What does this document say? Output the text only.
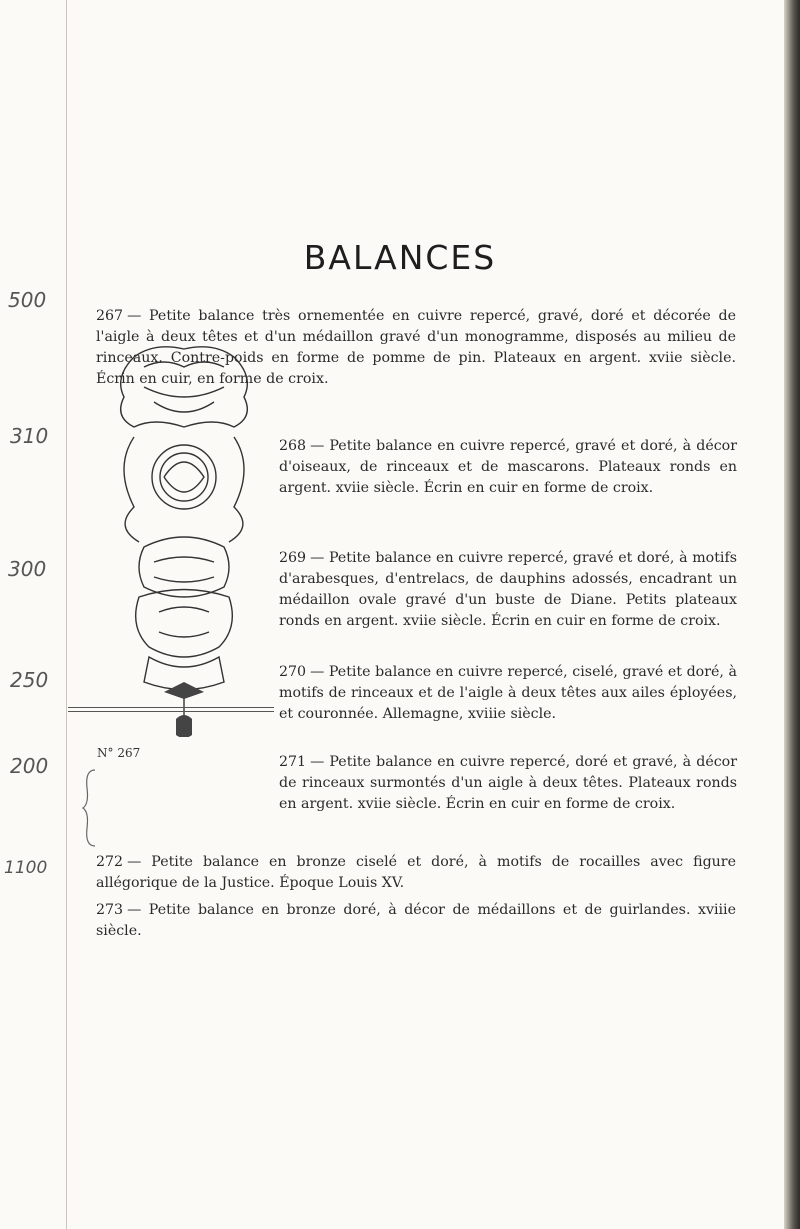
500
310
300
250
200
1100
BALANCES
267 — Petite balance très ornementée en cuivre repercé, gravé, doré et décorée de l'aigle à deux têtes et d'un médaillon gravé d'un monogramme, disposés au milieu de rinceaux. Contre-poids en forme de pomme de pin. Plateaux en argent. xviie siècle. Écrin en cuir, en forme de croix.
N° 267
268 — Petite balance en cuivre repercé, gravé et doré, à décor d'oiseaux, de rinceaux et de mascarons. Plateaux ronds en argent. xviie siècle. Écrin en cuir en forme de croix.
269 — Petite balance en cuivre repercé, gravé et doré, à motifs d'arabesques, d'entrelacs, de dauphins adossés, encadrant un médaillon ovale gravé d'un buste de Diane. Petits plateaux ronds en argent. xviie siècle. Écrin en cuir en forme de croix.
270 — Petite balance en cuivre repercé, ciselé, gravé et doré, à motifs de rinceaux et de l'aigle à deux têtes aux ailes éployées, et couronnée. Allemagne, xviiie siècle.
271 — Petite balance en cuivre repercé, doré et gravé, à décor de rinceaux surmontés d'un aigle à deux têtes. Plateaux ronds en argent. xviie siècle. Écrin en cuir en forme de croix.
272 — Petite balance en bronze ciselé et doré, à motifs de rocailles avec figure allégorique de la Justice. Époque Louis XV.
273 — Petite balance en bronze doré, à décor de médaillons et de guirlandes. xviiie siècle.
